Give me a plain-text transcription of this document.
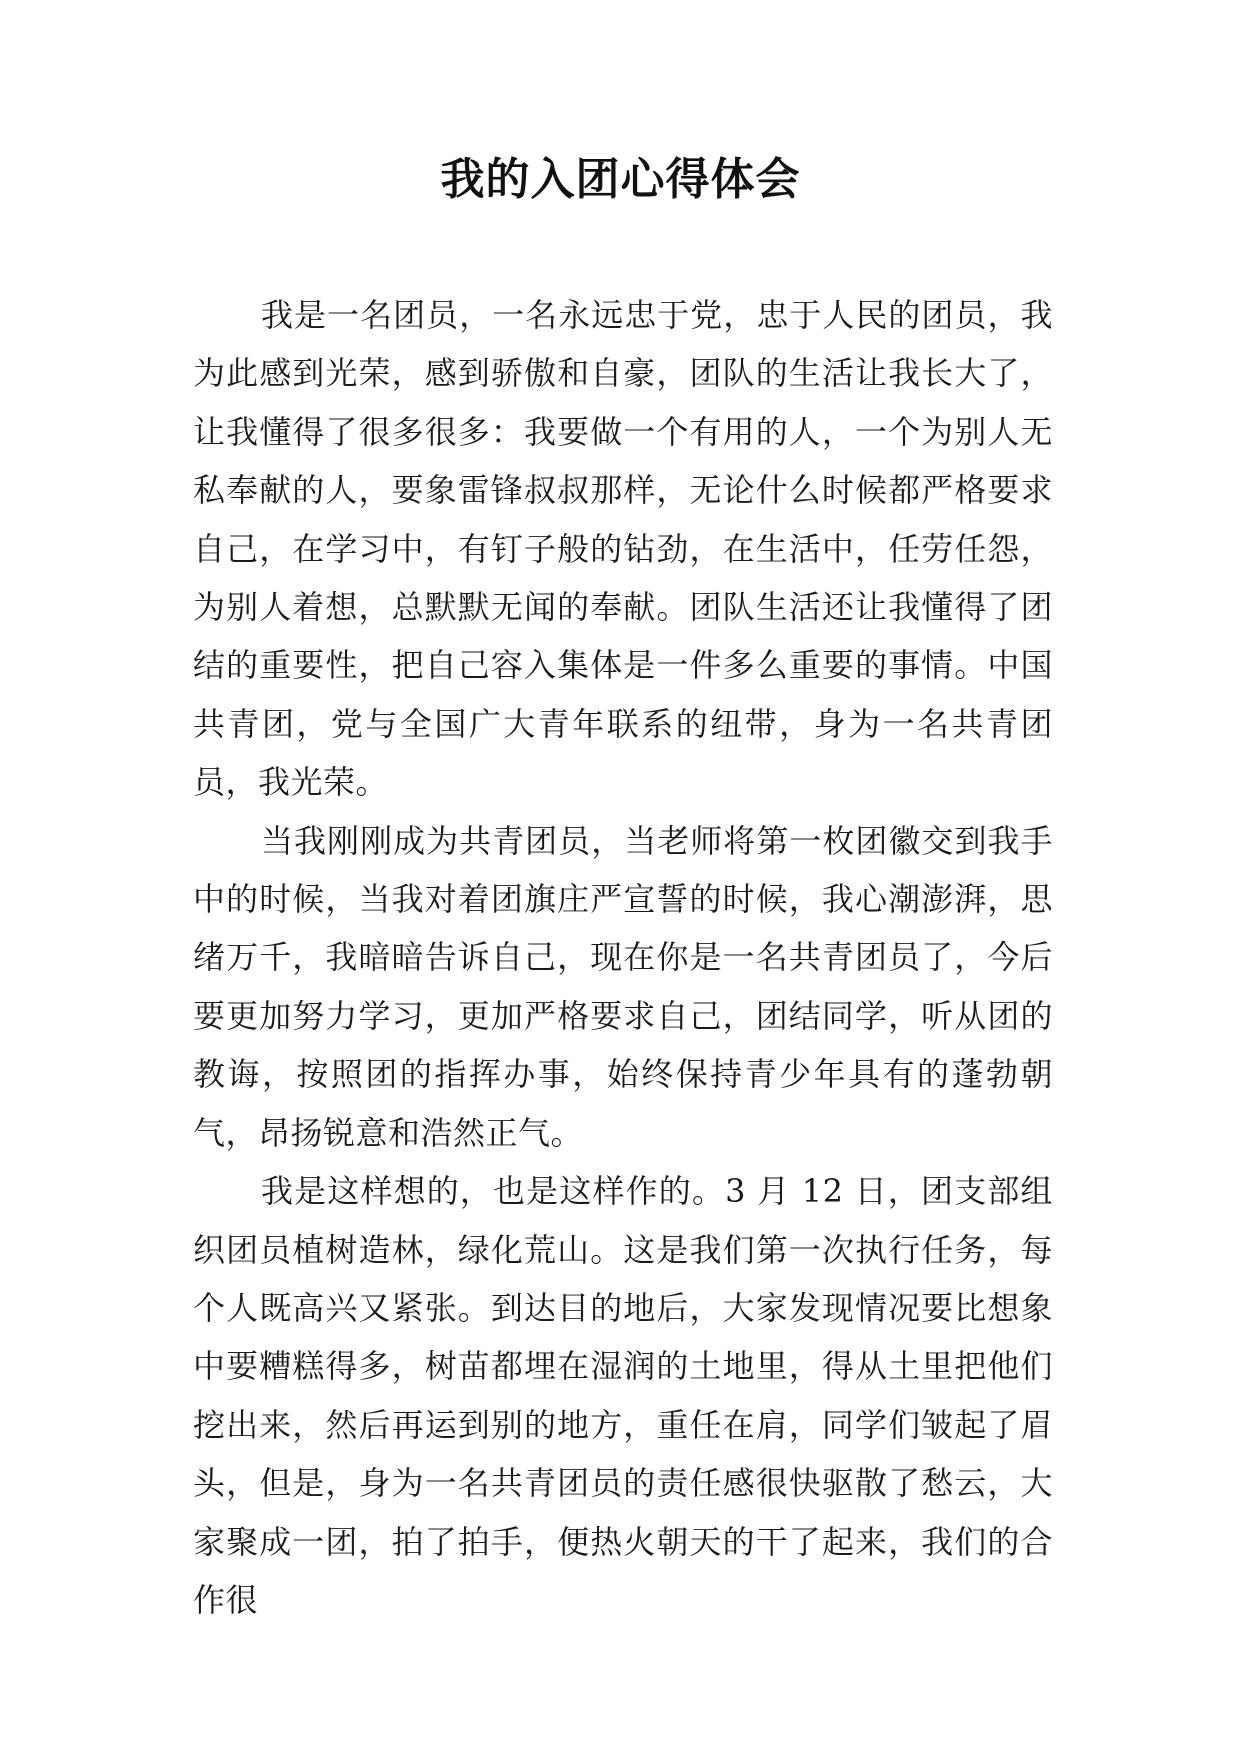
我的入团心得体会

我是一名团员，一名永远忠于党，忠于人民的团员，我为此感到光荣，感到骄傲和自豪，团队的生活让我长大了，让我懂得了很多很多：我要做一个有用的人，一个为别人无私奉献的人，要象雷锋叔叔那样，无论什么时候都严格要求自己，在学习中，有钉子般的钻劲，在生活中，任劳任怨，为别人着想，总默默无闻的奉献。团队生活还让我懂得了团结的重要性，把自己容入集体是一件多么重要的事情。中国共青团，党与全国广大青年联系的纽带，身为一名共青团员，我光荣。

当我刚刚成为共青团员，当老师将第一枚团徽交到我手中的时候，当我对着团旗庄严宣誓的时候，我心潮澎湃，思绪万千，我暗暗告诉自己，现在你是一名共青团员了，今后要更加努力学习，更加严格要求自己，团结同学，听从团的教诲，按照团的指挥办事，始终保持青少年具有的蓬勃朝气，昂扬锐意和浩然正气。

我是这样想的，也是这样作的。3 月 12 日，团支部组织团员植树造林，绿化荒山。这是我们第一次执行任务，每个人既高兴又紧张。到达目的地后，大家发现情况要比想象中要糟糕得多，树苗都埋在湿润的土地里，得从土里把他们挖出来，然后再运到别的地方，重任在肩，同学们皱起了眉头，但是，身为一名共青团员的责任感很快驱散了愁云，大家聚成一团，拍了拍手，便热火朝天的干了起来，我们的合作很
